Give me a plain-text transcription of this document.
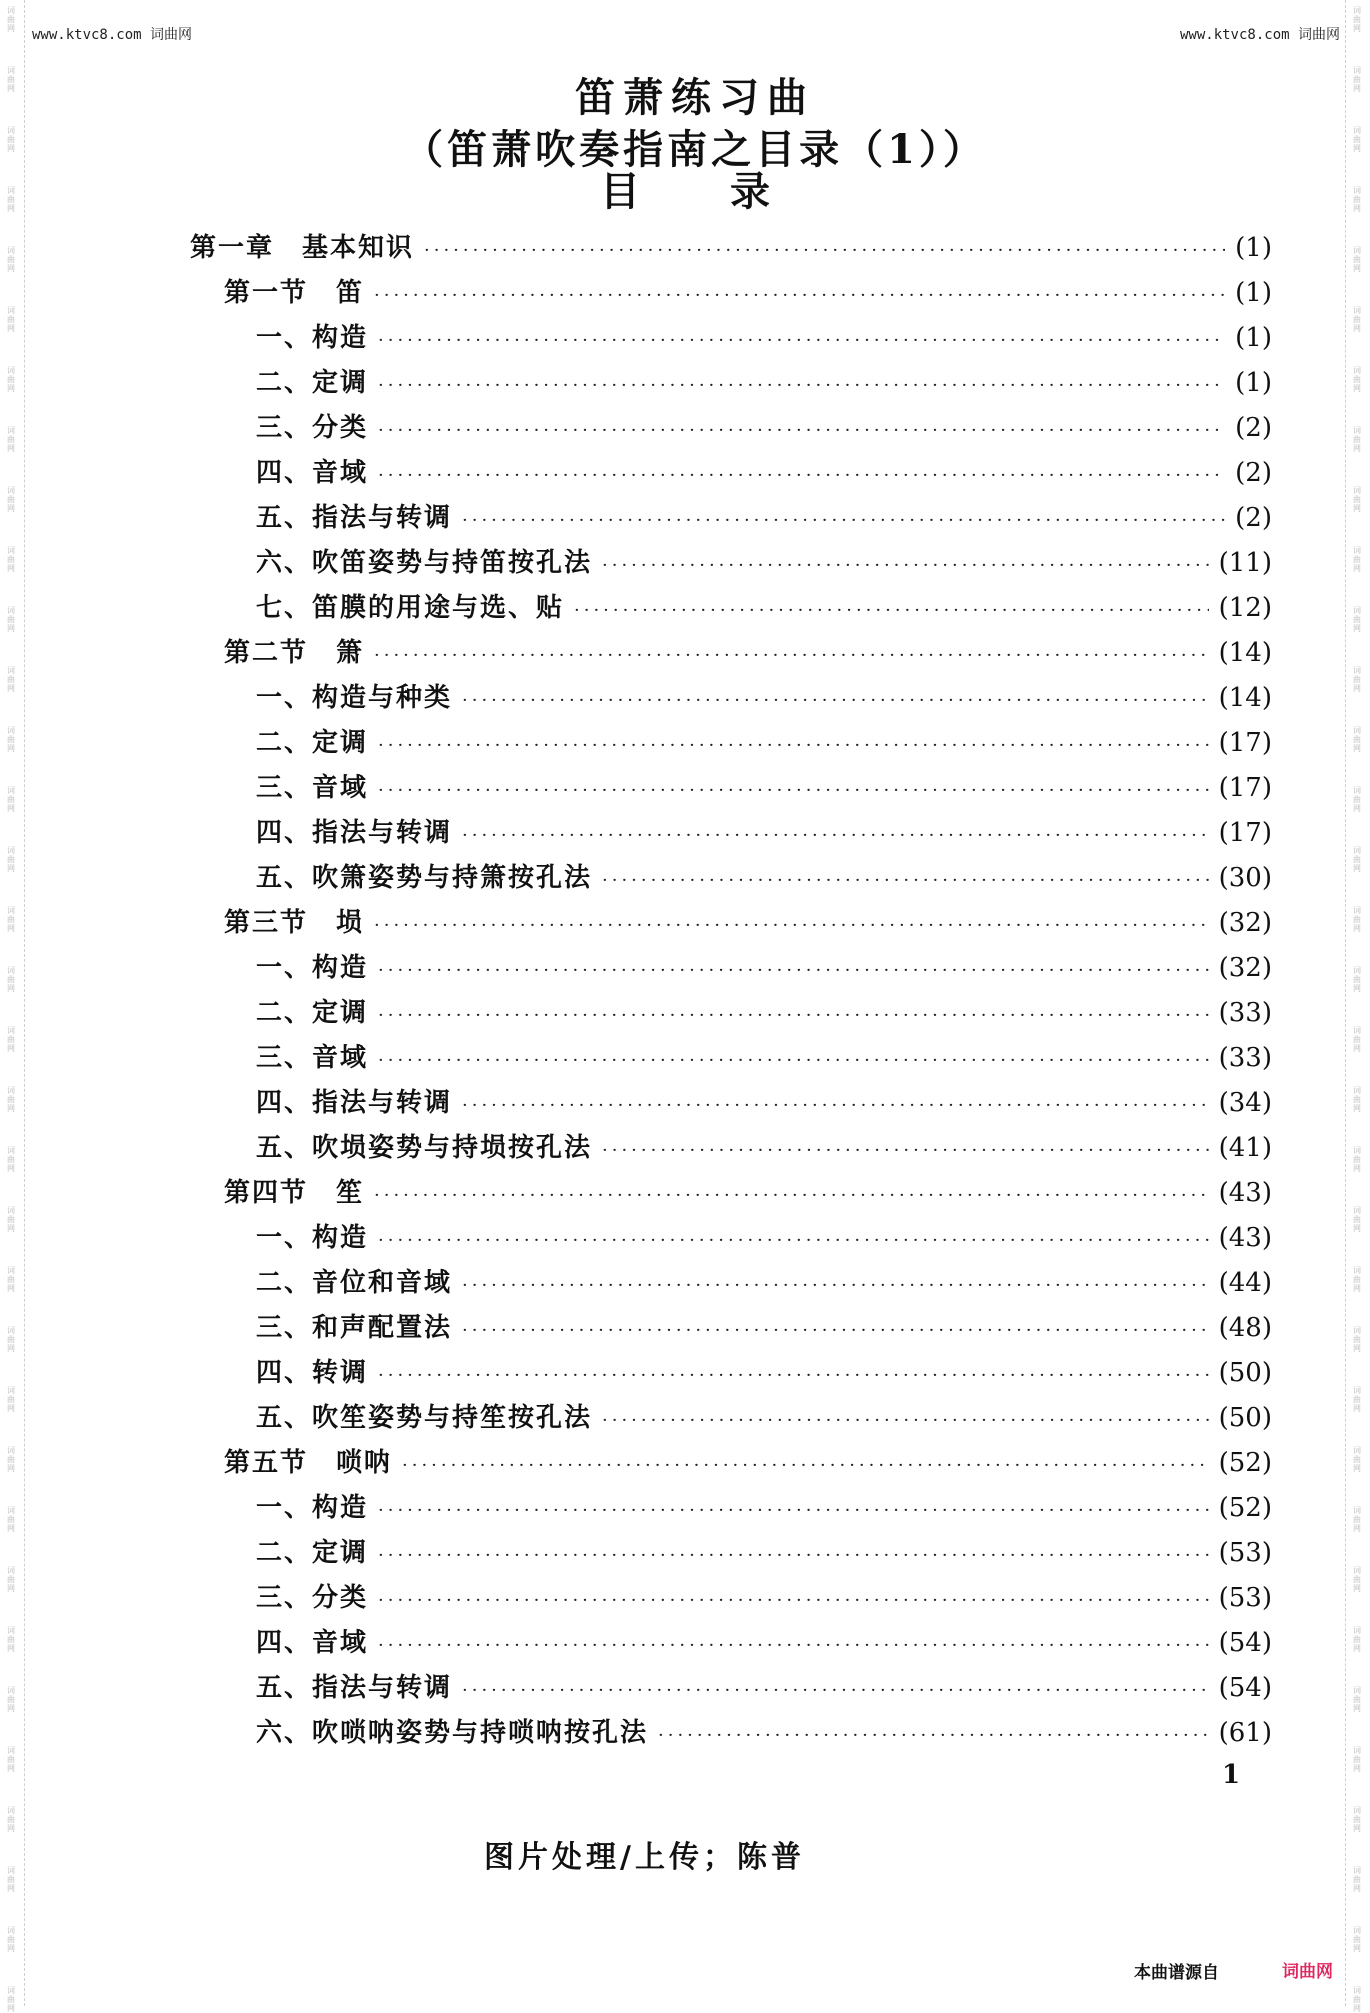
词曲网
词曲网
词曲网
词曲网
词曲网
词曲网
词曲网
词曲网
词曲网
词曲网
词曲网
词曲网
词曲网
词曲网
词曲网
词曲网
词曲网
词曲网
词曲网
词曲网
词曲网
词曲网
词曲网
词曲网
词曲网
词曲网
词曲网
词曲网
词曲网
词曲网
词曲网
词曲网
词曲网
词曲网
词曲网
词曲网
词曲网
词曲网
词曲网
词曲网
词曲网
词曲网
词曲网
词曲网
词曲网
词曲网
词曲网
词曲网
词曲网
词曲网
词曲网
词曲网
词曲网
词曲网
词曲网
词曲网
词曲网
词曲网
词曲网
词曲网
词曲网
词曲网
词曲网
词曲网
词曲网
词曲网
词曲网
词曲网
www.ktvc8.com 词曲网	www.ktvc8.com 词曲网
笛萧练习曲
（笛萧吹奏指南之目录（1））
目录
第一章　基本知识 ·····	(1)
第一节　笛 ·····	(1)
一、构造 ·····	(1)
二、定调 ·····	(1)
三、分类 ·····	(2)
四、音域 ·····	(2)
五、指法与转调 ·····	(2)
六、吹笛姿势与持笛按孔法 ·····	(11)
七、笛膜的用途与选、贴 ·····	(12)
第二节　箫 ·····	(14)
一、构造与种类 ·····	(14)
二、定调 ·····	(17)
三、音域 ·····	(17)
四、指法与转调 ·····	(17)
五、吹箫姿势与持箫按孔法 ·····	(30)
第三节　埙 ·····	(32)
一、构造 ·····	(32)
二、定调 ·····	(33)
三、音域 ·····	(33)
四、指法与转调 ·····	(34)
五、吹埙姿势与持埙按孔法 ·····	(41)
第四节　笙 ·····	(43)
一、构造 ·····	(43)
二、音位和音域 ·····	(44)
三、和声配置法 ·····	(48)
四、转调 ·····	(50)
五、吹笙姿势与持笙按孔法 ·····	(50)
第五节　唢呐 ·····	(52)
一、构造 ·····	(52)
二、定调 ·····	(53)
三、分类 ·····	(53)
四、音域 ·····	(54)
五、指法与转调 ·····	(54)
六、吹唢呐姿势与持唢呐按孔法 ·····	(61)
1
图片处理/上传；陈普
本曲谱源自	词曲网
